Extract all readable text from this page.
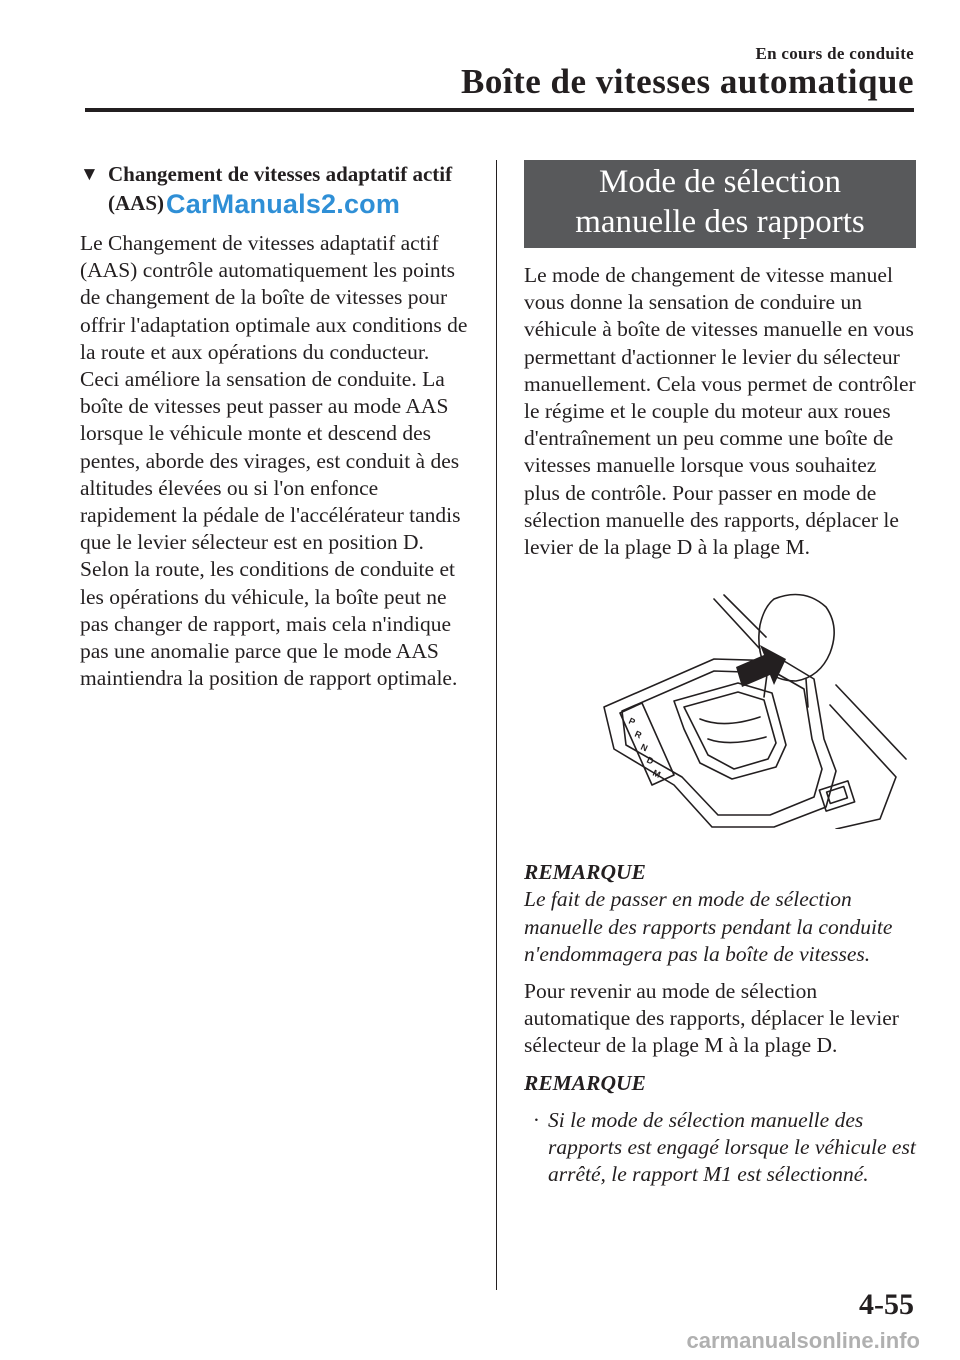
En cours de conduite
Boîte de vitesses automatique
▼ Changement de vitesses adaptatif actif (AAS)

Le Changement de vitesses adaptatif actif (AAS) contrôle automatiquement les points de changement de la boîte de vitesses pour offrir l'adaptation optimale aux conditions de la route et aux opérations du conducteur. Ceci améliore la sensation de conduite. La boîte de vitesses peut passer au mode AAS lorsque le véhicule monte et descend des pentes, aborde des virages, est conduit à des altitudes élevées ou si l'on enfonce rapidement la pédale de l'accélérateur tandis que le levier sélecteur est en position D. Selon la route, les conditions de conduite et les opérations du véhicule, la boîte peut ne pas changer de rapport, mais cela n'indique pas une anomalie parce que le mode AAS maintiendra la position de rapport optimale.

Mode de sélection
manuelle des rapports

Le mode de changement de vitesse manuel vous donne la sensation de conduire un véhicule à boîte de vitesses manuelle en vous permettant d'actionner le levier du sélecteur manuellement. Cela vous permet de contrôler le régime et le couple du moteur aux roues d'entraînement un peu comme une boîte de vitesses manuelle lorsque vous souhaitez plus de contrôle. Pour passer en mode de sélection manuelle des rapports, déplacer le levier de la plage D à la plage M.

P
R
N
D
M

REMARQUE

Le fait de passer en mode de sélection manuelle des rapports pendant la conduite n'endommagera pas la boîte de vitesses.

Pour revenir au mode de sélection automatique des rapports, déplacer le levier sélecteur de la plage M à la plage D.

REMARQUE

· Si le mode de sélection manuelle des rapports est engagé lorsque le véhicule est arrêté, le rapport M1 est sélectionné.
CarManuals2.com
4-55
carmanualsonline.info
